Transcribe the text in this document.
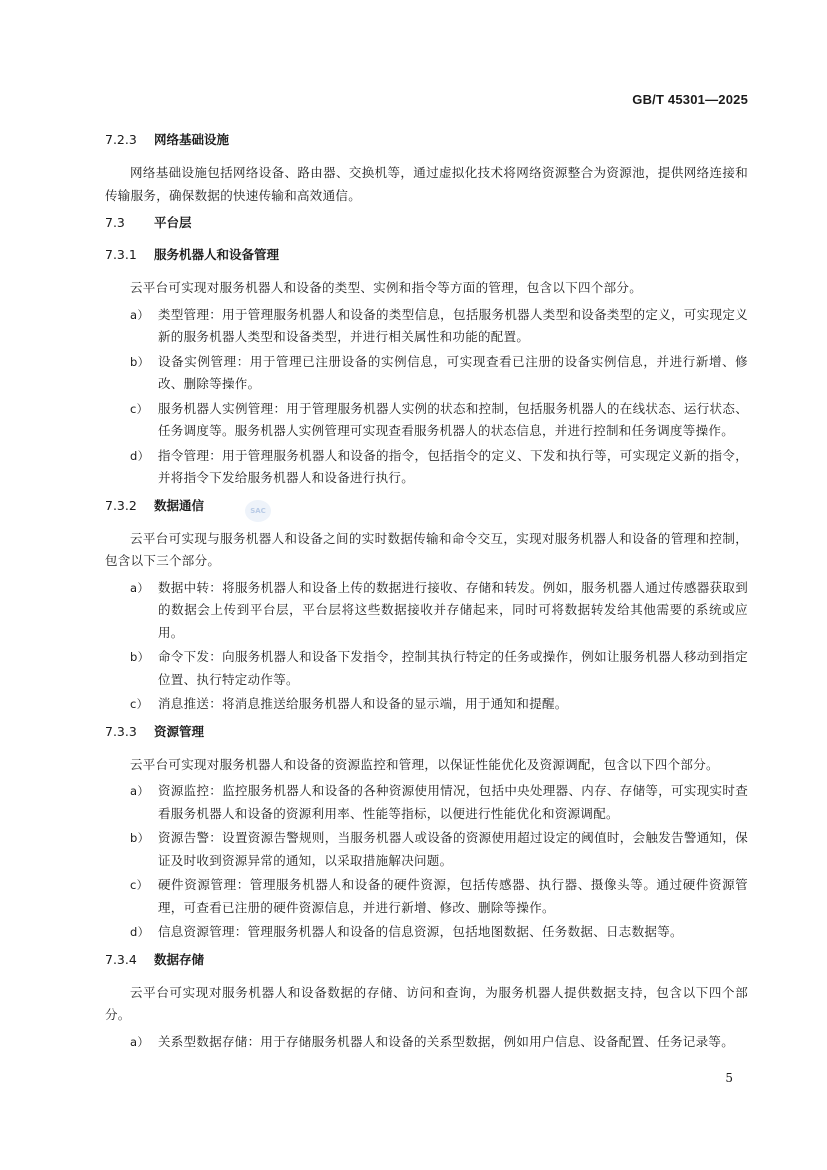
GB/T 45301—2025
SAC
7.2.3 网络基础设施

网络基础设施包括网络设备、路由器、交换机等，通过虚拟化技术将网络资源整合为资源池，提供网络连接和传输服务，确保数据的快速传输和高效通信。

7.3 平台层
7.3.1 服务机器人和设备管理

云平台可实现对服务机器人和设备的类型、实例和指令等方面的管理，包含以下四个部分。

a） 类型管理：用于管理服务机器人和设备的类型信息，包括服务机器人类型和设备类型的定义，可实现定义新的服务机器人类型和设备类型，并进行相关属性和功能的配置。
b） 设备实例管理：用于管理已注册设备的实例信息，可实现查看已注册的设备实例信息，并进行新增、修改、删除等操作。
c） 服务机器人实例管理：用于管理服务机器人实例的状态和控制，包括服务机器人的在线状态、运行状态、任务调度等。服务机器人实例管理可实现查看服务机器人的状态信息，并进行控制和任务调度等操作。
d） 指令管理：用于管理服务机器人和设备的指令，包括指令的定义、下发和执行等，可实现定义新的指令，并将指令下发给服务机器人和设备进行执行。
7.3.2 数据通信

云平台可实现与服务机器人和设备之间的实时数据传输和命令交互，实现对服务机器人和设备的管理和控制，包含以下三个部分。

a） 数据中转：将服务机器人和设备上传的数据进行接收、存储和转发。例如，服务机器人通过传感器获取到的数据会上传到平台层，平台层将这些数据接收并存储起来，同时可将数据转发给其他需要的系统或应用。
b） 命令下发：向服务机器人和设备下发指令，控制其执行特定的任务或操作，例如让服务机器人移动到指定位置、执行特定动作等。
c） 消息推送：将消息推送给服务机器人和设备的显示端，用于通知和提醒。
7.3.3 资源管理

云平台可实现对服务机器人和设备的资源监控和管理，以保证性能优化及资源调配，包含以下四个部分。

a） 资源监控：监控服务机器人和设备的各种资源使用情况，包括中央处理器、内存、存储等，可实现实时查看服务机器人和设备的资源利用率、性能等指标，以便进行性能优化和资源调配。
b） 资源告警：设置资源告警规则，当服务机器人或设备的资源使用超过设定的阈值时，会触发告警通知，保证及时收到资源异常的通知，以采取措施解决问题。
c） 硬件资源管理：管理服务机器人和设备的硬件资源，包括传感器、执行器、摄像头等。通过硬件资源管理，可查看已注册的硬件资源信息，并进行新增、修改、删除等操作。
d） 信息资源管理：管理服务机器人和设备的信息资源，包括地图数据、任务数据、日志数据等。
7.3.4 数据存储

云平台可实现对服务机器人和设备数据的存储、访问和查询，为服务机器人提供数据支持，包含以下四个部分。

a） 关系型数据存储：用于存储服务机器人和设备的关系型数据，例如用户信息、设备配置、任务记录等。
5
